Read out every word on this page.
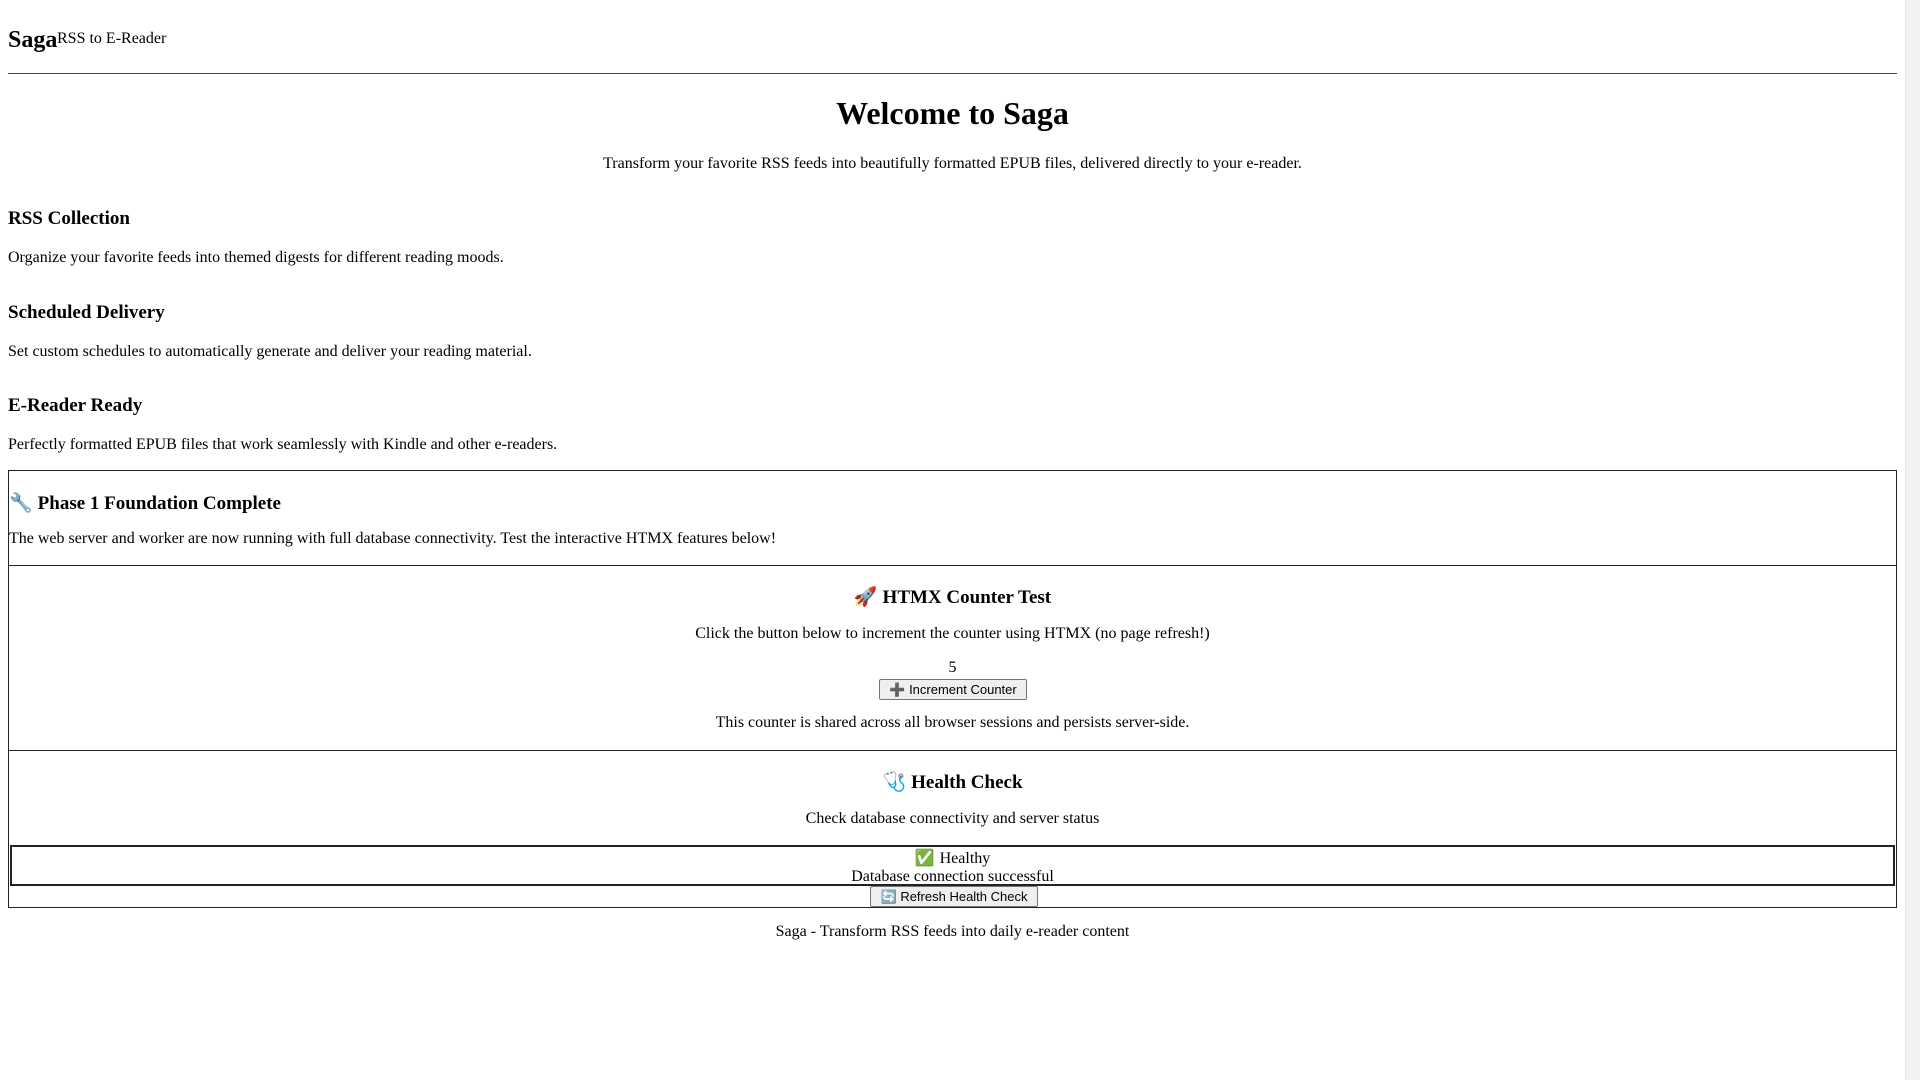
Saga RSS to E-Reader
Welcome to Saga
Transform your favorite RSS feeds into beautifully formatted EPUB files, delivered directly to your e-reader.
RSS Collection
Organize your favorite feeds into themed digests for different reading moods.
Scheduled Delivery
Set custom schedules to automatically generate and deliver your reading material.
E-Reader Ready
Perfectly formatted EPUB files that work seamlessly with Kindle and other e-readers.
🔧 Phase 1 Foundation Complete
The web server and worker are now running with full database connectivity. Test the interactive HTMX features below!
🚀 HTMX Counter Test
Click the button below to increment the counter using HTMX (no page refresh!)
5
➕ Increment Counter
This counter is shared across all browser sessions and persists server-side.
🩺 Health Check
Check database connectivity and server status
✅ Healthy
Database connection successful
🔄 Refresh Health Check
Saga - Transform RSS feeds into daily e-reader content
